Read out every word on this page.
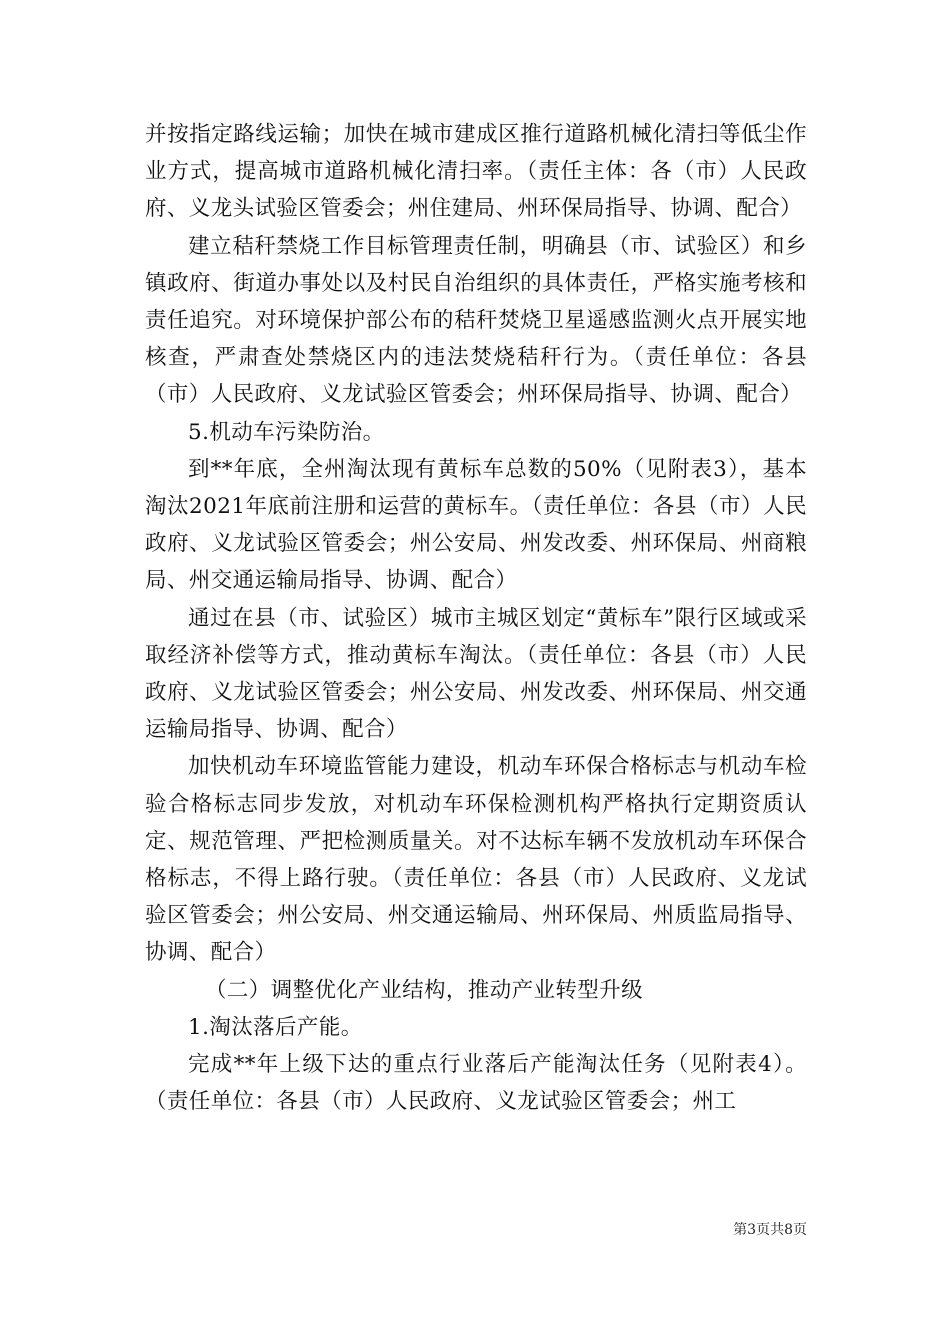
并按指定路线运输；加快在城市建成区推行道路机械化清扫等低尘作业方式，提高城市道路机械化清扫率。（责任主体：各（市）人民政府、义龙头试验区管委会；州住建局、州环保局指导、协调、配合）

建立秸秆禁烧工作目标管理责任制，明确县（市、试验区）和乡镇政府、街道办事处以及村民自治组织的具体责任，严格实施考核和责任追究。对环境保护部公布的秸秆焚烧卫星遥感监测火点开展实地核查，严肃查处禁烧区内的违法焚烧秸秆行为。（责任单位：各县（市）人民政府、义龙试验区管委会；州环保局指导、协调、配合）

5.机动车污染防治。

到**年底，全州淘汰现有黄标车总数的50%（见附表3），基本淘汰2021年底前注册和运营的黄标车。（责任单位：各县（市）人民政府、义龙试验区管委会；州公安局、州发改委、州环保局、州商粮局、州交通运输局指导、协调、配合）

通过在县（市、试验区）城市主城区划定“黄标车”限行区域或采取经济补偿等方式，推动黄标车淘汰。（责任单位：各县（市）人民政府、义龙试验区管委会；州公安局、州发改委、州环保局、州交通运输局指导、协调、配合）

加快机动车环境监管能力建设，机动车环保合格标志与机动车检验合格标志同步发放，对机动车环保检测机构严格执行定期资质认定、规范管理、严把检测质量关。对不达标车辆不发放机动车环保合格标志，不得上路行驶。（责任单位：各县（市）人民政府、义龙试验区管委会；州公安局、州交通运输局、州环保局、州质监局指导、协调、配合）

（二）调整优化产业结构，推动产业转型升级

1.淘汰落后产能。

完成**年上级下达的重点行业落后产能淘汰任务（见附表4）。（责任单位：各县（市）人民政府、义龙试验区管委会；州工

第3页共8页
